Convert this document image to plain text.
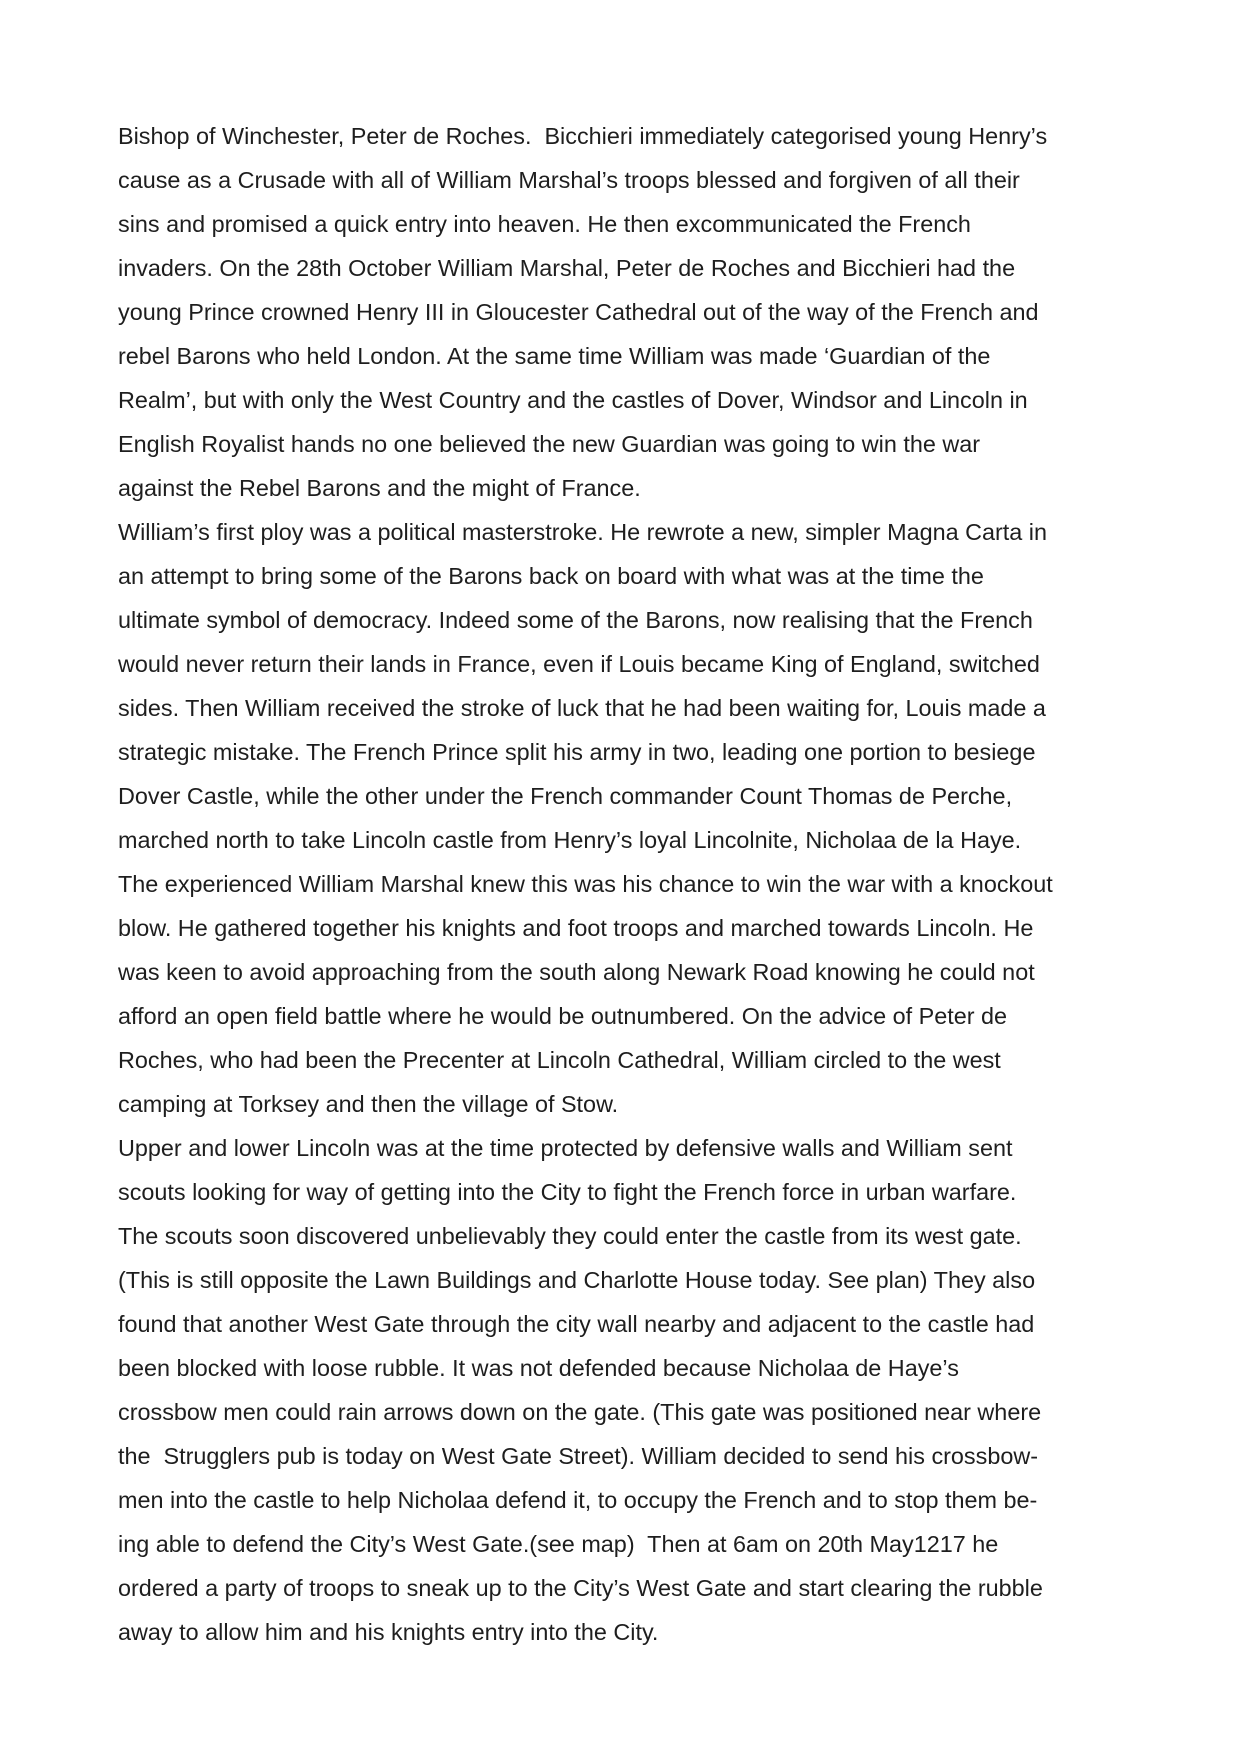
Bishop of Winchester, Peter de Roches.  Bicchieri immediately categorised young Henry’s
cause as a Crusade with all of William Marshal’s troops blessed and forgiven of all their
sins and promised a quick entry into heaven. He then excommunicated the French
invaders. On the 28th October William Marshal, Peter de Roches and Bicchieri had the
young Prince crowned Henry III in Gloucester Cathedral out of the way of the French and
rebel Barons who held London. At the same time William was made ‘Guardian of the
Realm’, but with only the West Country and the castles of Dover, Windsor and Lincoln in
English Royalist hands no one believed the new Guardian was going to win the war
against the Rebel Barons and the might of France.
William’s first ploy was a political masterstroke. He rewrote a new, simpler Magna Carta in
an attempt to bring some of the Barons back on board with what was at the time the
ultimate symbol of democracy. Indeed some of the Barons, now realising that the French
would never return their lands in France, even if Louis became King of England, switched
sides. Then William received the stroke of luck that he had been waiting for, Louis made a
strategic mistake. The French Prince split his army in two, leading one portion to besiege
Dover Castle, while the other under the French commander Count Thomas de Perche,
marched north to take Lincoln castle from Henry’s loyal Lincolnite, Nicholaa de la Haye.
The experienced William Marshal knew this was his chance to win the war with a knockout
blow. He gathered together his knights and foot troops and marched towards Lincoln. He
was keen to avoid approaching from the south along Newark Road knowing he could not
afford an open field battle where he would be outnumbered. On the advice of Peter de
Roches, who had been the Precenter at Lincoln Cathedral, William circled to the west
camping at Torksey and then the village of Stow.
Upper and lower Lincoln was at the time protected by defensive walls and William sent
scouts looking for way of getting into the City to fight the French force in urban warfare.
The scouts soon discovered unbelievably they could enter the castle from its west gate.
(This is still opposite the Lawn Buildings and Charlotte House today. See plan) They also
found that another West Gate through the city wall nearby and adjacent to the castle had
been blocked with loose rubble. It was not defended because Nicholaa de Haye’s
crossbow men could rain arrows down on the gate. (This gate was positioned near where
the  Strugglers pub is today on West Gate Street). William decided to send his crossbow-
men into the castle to help Nicholaa defend it, to occupy the French and to stop them be-
ing able to defend the City’s West Gate.(see map)  Then at 6am on 20th May1217 he
ordered a party of troops to sneak up to the City’s West Gate and start clearing the rubble
away to allow him and his knights entry into the City.
